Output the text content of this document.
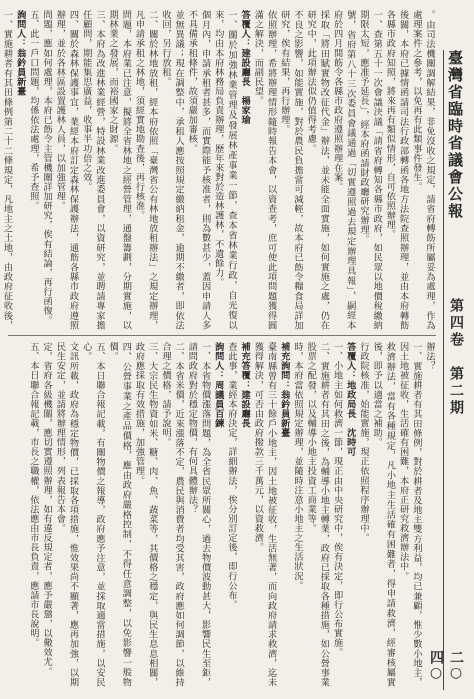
臺灣省臨時省議會公報
第四卷　第二期
二○四○

。由司法機關調解結果，非免沒收之規定，請省府轉飭所屬妥為處理，作為處理案件之參考，以免再有此類事件發生。

後關，本府已據情函請司法行政部轉函各地方法院查照辦理，並由本府轉飭各縣市政府知照，將來再有類似情形，自可依照辦理。

一、查第五十一次會議決議「請省府轉知各縣市政府，如民眾以地價稅繳納期限太短，應准予延長」，經本府函請財政廳研究辦理。

號，省府第八十三次委員會議通過「切實遵照過去規定辦理具報」，嗣經本府於四月間飭令各縣市政府遵照辦理在案。

採取「將田賦實物改征代金」辦法，並未能全面實施，如何實施之處，仍在研究中，此項辦法似仍值得考慮。

不良之影響，如能實施，對於農民負擔當可減輕，故本府已飭令糧食局詳加研究，俟有結果，再行辦理。

依照辦理，希將辦理情形隨時報告本會，以資查考，庶可使此項問題獲得圓滿之解決，而副民望。

答覆人：建設廳長　楊家瑜

一、關於加強林業管理及發展林產事業一節，查本省林業行政，自光復以來，均由本府林務局負責辦理，歷年來對於造林護林，不遺餘力。

個月內，申請承租者甚多，而實際能予核准者，則為數甚少，蓋因申請人多不具備承租條件，故須嚴加審核。

並無異議；現在調整中，承租人應按照規定繳納租金，逾期不繳者，即依法收回，另行放租。

二、關於林地放租，經本府依照「臺灣省公有林地放租辦法」之規定辦理，凡申請承租之林地，須經實地勘查後，再行核准。

問題，本府業已注意，擬將全省林地之經營管理，通盤籌劃，分期實施，以期林業之發展，而裕國家之財源。

三、本府為改進林業經營，特設林業改進委員會，以資研究，並聘請專家擔任顧問，期能集思廣益，收事半功倍之效。

四、關於森林保護事宜，業經本府訂定森林保護辦法，通飭各縣市政府遵照辦理，並於各林區設置護林人員，以加強管理。

問題，應如何處理，本府已飭令主管機關詳加研究，俟有結論，再行函復。

五、此一戶口問題，均係依法處理，希予查照。

詢問人：翁鈐員新臺

一、實施耕者有其田條例第二十二條規定，凡地主之土地，由政府征收後，

辦法？

一、實施耕者有其田條例，對於耕者及地主雙方利益，均已兼顧，惟少數小地主，因土地被征收，生活確有困難，本府正研究救濟辦法中。

救濟辦法，當有各種規定，凡小地主生活確有困難者，得申請救濟，經審核屬實後，即予以適當之補助。

行政院核准，始能實施，現正依照程序辦理中。

答覆人：地政局長　沈時可

一、小地主如何救濟一節，現正由中央研究中，俟有決定，即行公布實施。

二、實施耕者有其田之後，為輔導小地主轉業，政府已採取各種措施，如公營事業股票之配發，以及輔導小地主投資工商業等。

時，本府當依照規定辦理，並隨時注意小地主之生活狀況。

補充詢問：翁鈐員新臺

臺南縣曾有三十餘戶小地主，因土地被征收，生活無著，而向政府請求救濟，迄未獲得解決，可否由政府撥款三千萬元，以資救濟。

補充答覆：建設廳長

查此事，業經本府決定，詳細辦法，俟分別訂定後，即行公布。

詢問人：周議員百鍊

一、本省物價漲落問題，為全省民眾所關心，過去物價波動甚大，影響民生至鉅，請問政府對於穩定物價，有何具體辦法？

二、本省米價，近來漲落不定，農民與消費者均受其害，政府應如何調節，以維持合理之價格，請予說明。

三、大宗民生物資如米、糖、肉、魚、蔬菜等，其價格之穩定，與民生息息相關，政府應採取有效措施，加強管理。

四、公營事業之產品價格，應由政府嚴格控制，不得任意調整，以免影響一般物價。

五、本日聯合報記載，有關物價之報導，政府應予注意，並採取適當措施，以安民心。

文訊所載，政府為穩定物價，已採取各項措施，惟效果尚不顯著，應再加強，以期民生安定，並請將辦理情形，列表報告本會。

定，省府各級機關，應切實遵照辦理，如有違反規定者，應予嚴懲，以儆效尤。

五、本日聯合報記載，市長之職權，依法應由市長負責，應請市長說明。
